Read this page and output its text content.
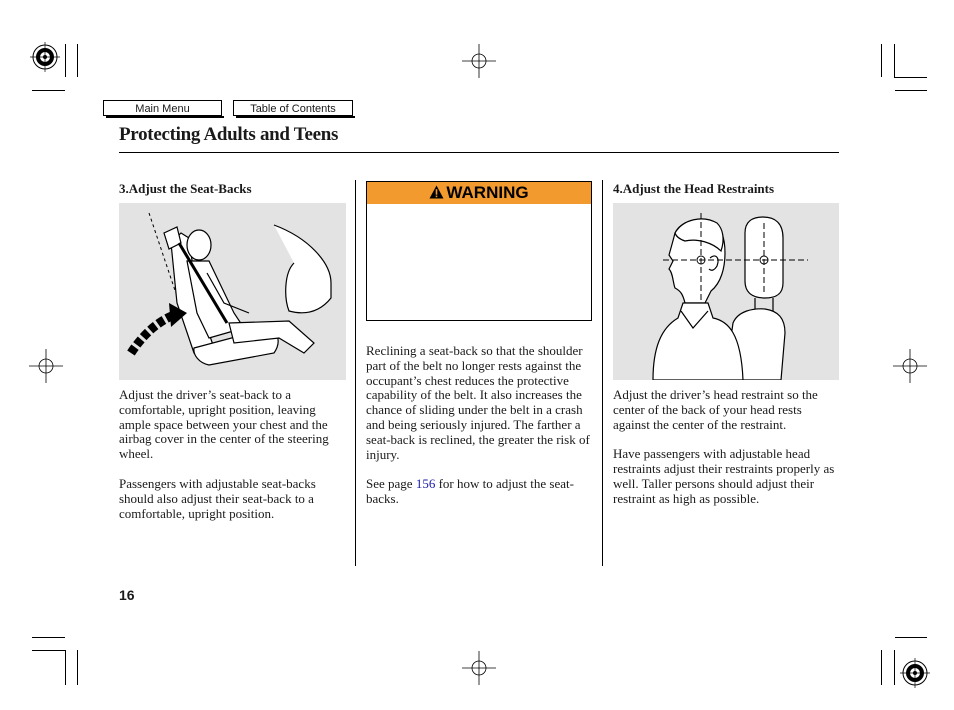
Main Menu	Table of Contents
Protecting Adults and Teens
3.Adjust the Seat-Backs

Adjust the driver’s seat-back to a comfortable, upright position, leaving ample space between your chest and the airbag cover in the center of the steering wheel.

Passengers with adjustable seat-backs should also adjust their seat-back to a comfortable, upright position.

WARNING

Reclining a seat-back so that the shoulder part of the belt no longer rests against the occupant’s chest reduces the protective capability of the belt. It also increases the chance of sliding under the belt in a crash and being seriously injured. The farther a seat-back is reclined, the greater the risk of injury.

See page 156 for how to adjust the seat-backs.

4.Adjust the Head Restraints

Adjust the driver’s head restraint so the center of the back of your head rests against the center of the restraint.

Have passengers with adjustable head restraints adjust their restraints properly as well. Taller persons should adjust their restraint as high as possible.

16
